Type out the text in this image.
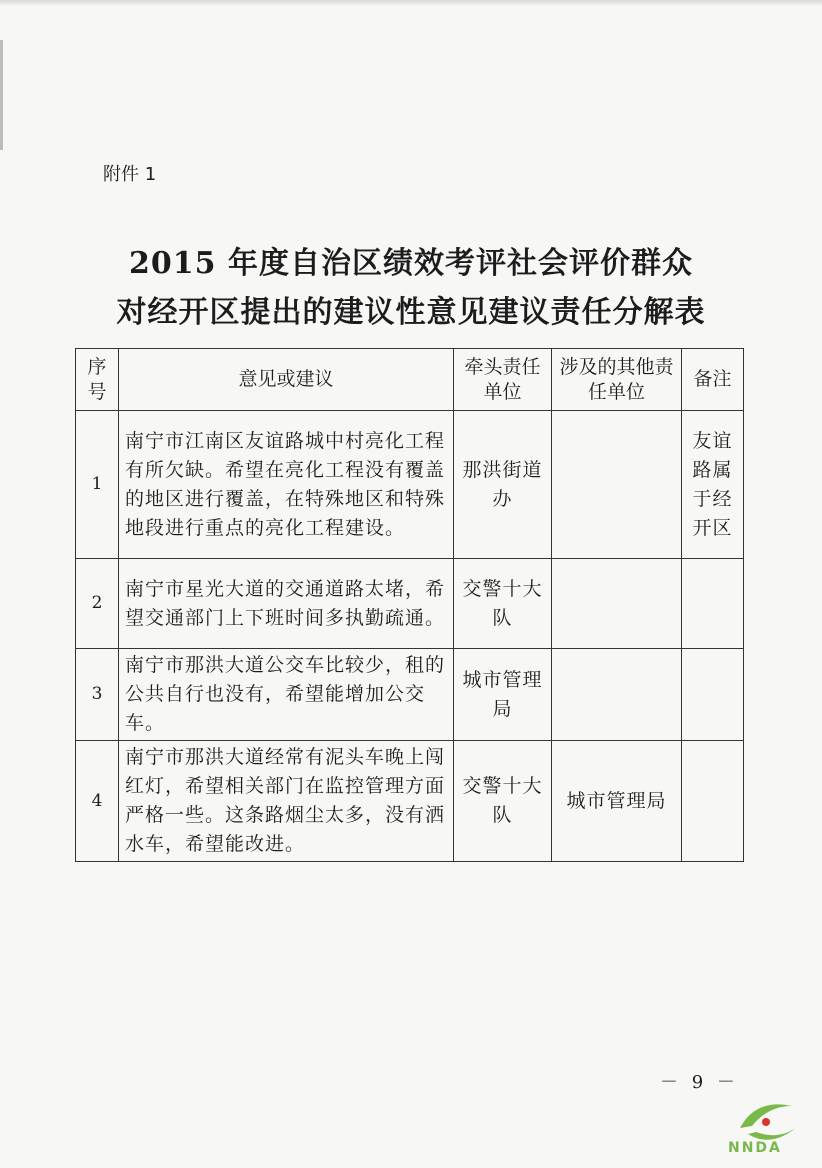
附件 1
2015 年度自治区绩效考评社会评价群众
对经开区提出的建议性意见建议责任分解表
序号	意见或建议	牵头责任单位	涉及的其他责任单位	备注
1	南宁市江南区友谊路城中村亮化工程有所欠缺。希望在亮化工程没有覆盖的地区进行覆盖，在特殊地区和特殊地段进行重点的亮化工程建设。	那洪街道办		友谊路属于经开区
2	南宁市星光大道的交通道路太堵，希望交通部门上下班时间多执勤疏通。	交警十大队		
3	南宁市那洪大道公交车比较少，租的公共自行也没有，希望能增加公交车。	城市管理局		
4	南宁市那洪大道经常有泥头车晚上闯红灯，希望相关部门在监控管理方面严格一些。这条路烟尘太多，没有洒水车，希望能改进。	交警十大队	城市管理局	
－ 9 －
NNDA
